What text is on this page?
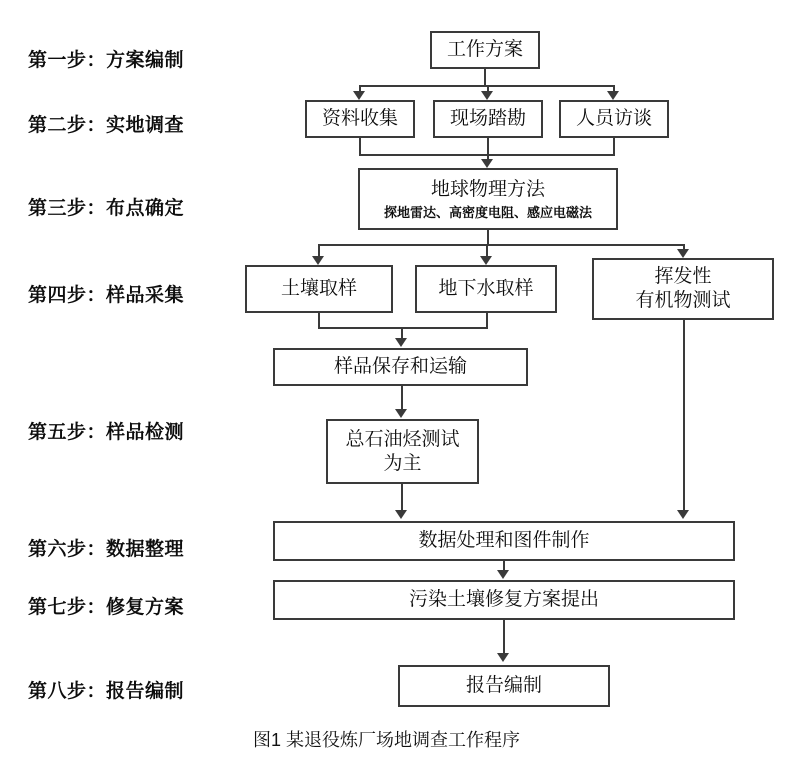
第一步：方案编制
第二步：实地调查
第三步：布点确定
第四步：样品采集
第五步：样品检测
第六步：数据整理
第七步：修复方案
第八步：报告编制
工作方案
资料收集	现场踏勘	人员访谈
地球物理方法
探地雷达、高密度电阻、感应电磁法
土壤取样	地下水取样
挥发性
有机物测试
样品保存和运输
总石油烃测试
为主
数据处理和图件制作
污染土壤修复方案提出
报告编制
图1 某退役炼厂场地调查工作程序
